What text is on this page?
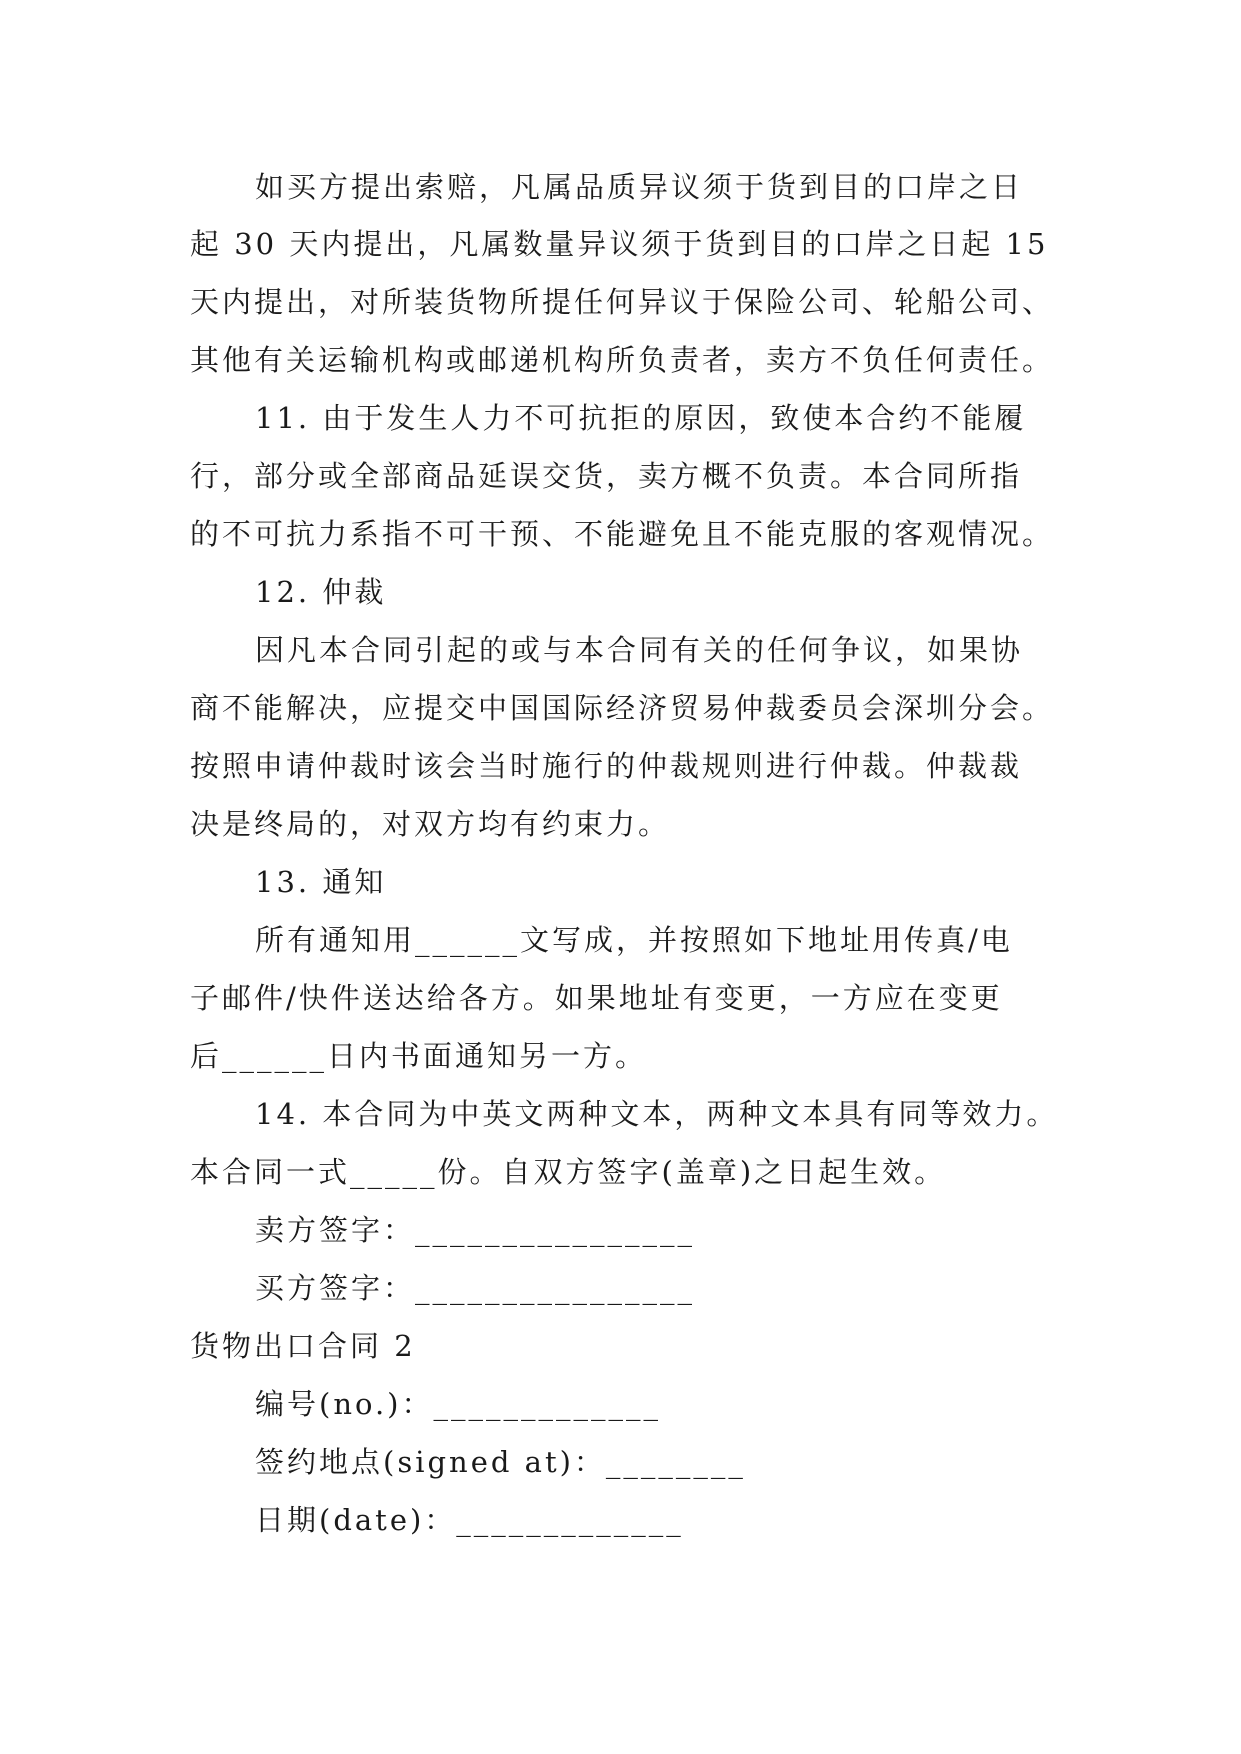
如买方提出索赔，凡属品质异议须于货到目的口岸之日
起 30 天内提出，凡属数量异议须于货到目的口岸之日起 15
天内提出，对所装货物所提任何异议于保险公司、轮船公司、
其他有关运输机构或邮递机构所负责者，卖方不负任何责任。
11. 由于发生人力不可抗拒的原因，致使本合约不能履
行，部分或全部商品延误交货，卖方概不负责。本合同所指
的不可抗力系指不可干预、不能避免且不能克服的客观情况。
12. 仲裁
因凡本合同引起的或与本合同有关的任何争议，如果协
商不能解决，应提交中国国际经济贸易仲裁委员会深圳分会。
按照申请仲裁时该会当时施行的仲裁规则进行仲裁。仲裁裁
决是终局的，对双方均有约束力。
13. 通知
所有通知用______文写成，并按照如下地址用传真/电
子邮件/快件送达给各方。如果地址有变更，一方应在变更
后______日内书面通知另一方。
14. 本合同为中英文两种文本，两种文本具有同等效力。
本合同一式_____份。自双方签字(盖章)之日起生效。
卖方签字：________________
买方签字：________________
货物出口合同 2
编号(no.)：_____________
签约地点(signed at)：________
日期(date)：_____________
